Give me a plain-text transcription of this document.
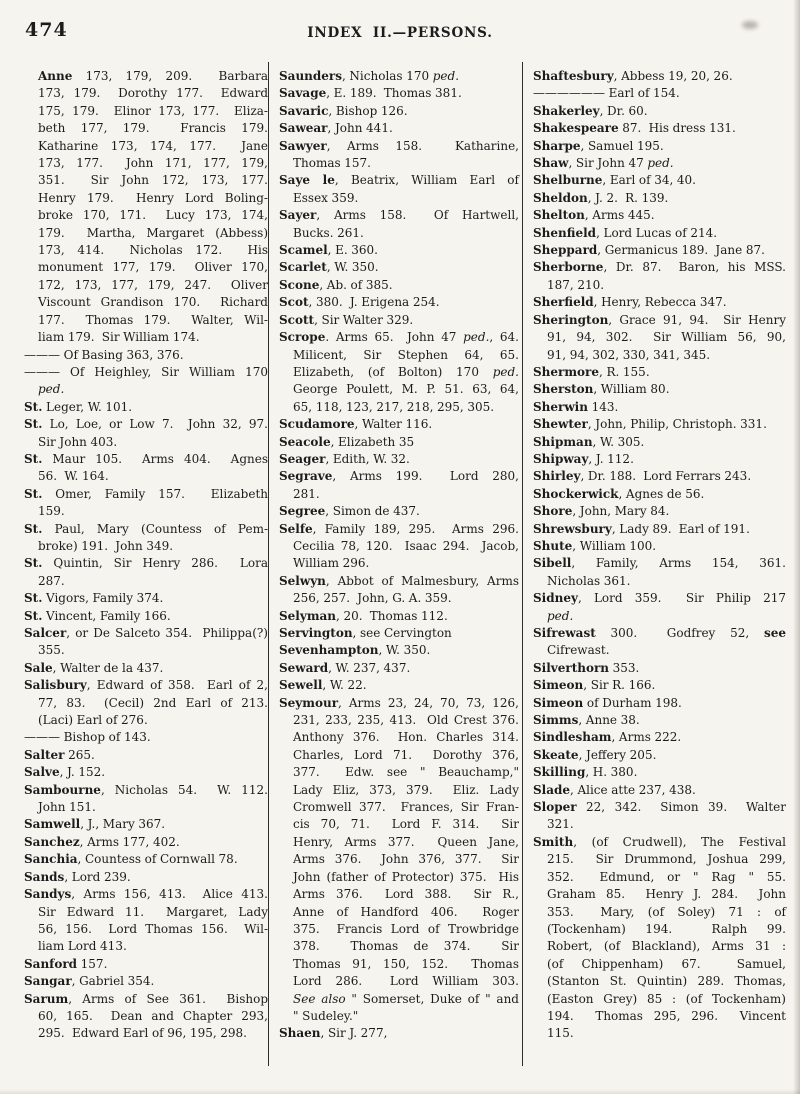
474	INDEX II.—PERSONS.
Anne 173, 179, 209.  Barbara
173, 179.  Dorothy 177.  Edward
175, 179.  Elinor 173, 177.  Eliza-
beth 177, 179.  Francis 179.
Katharine 173, 174, 177.  Jane
173, 177.  John 171, 177, 179,
351.  Sir John 172, 173, 177.
Henry 179.  Henry Lord Boling-
broke 170, 171.  Lucy 173, 174,
179.  Martha, Margaret (Abbess)
173, 414.  Nicholas 172.  His
monument 177, 179.  Oliver 170,
172, 173, 177, 179, 247.  Oliver
Viscount Grandison 170.  Richard
177.  Thomas 179.  Walter, Wil-
liam 179.  Sir William 174.
——— Of Basing 363, 376.
——— Of Heighley, Sir William 170
ped.
St. Leger, W. 101.
St. Lo, Loe, or Low 7.  John 32, 97.
Sir John 403.
St. Maur 105.  Arms 404.  Agnes
56.  W. 164.
St. Omer, Family 157.  Elizabeth
159.
St. Paul, Mary (Countess of Pem-
broke) 191.  John 349.
St. Quintin, Sir Henry 286.  Lora
287.
St. Vigors, Family 374.
St. Vincent, Family 166.
Salcer, or De Salceto 354.  Philippa(?)
355.
Sale, Walter de la 437.
Salisbury, Edward of 358.  Earl of 2,
77, 83.  (Cecil) 2nd Earl of 213.
(Laci) Earl of 276.
——— Bishop of 143.
Salter 265.
Salve, J. 152.
Sambourne, Nicholas 54.  W. 112.
John 151.
Samwell, J., Mary 367.
Sanchez, Arms 177, 402.
Sanchia, Countess of Cornwall 78.
Sands, Lord 239.
Sandys, Arms 156, 413.  Alice 413.
Sir Edward 11.  Margaret, Lady
56, 156.  Lord Thomas 156.  Wil-
liam Lord 413.
Sanford 157.
Sangar, Gabriel 354.
Sarum, Arms of See 361.  Bishop
60, 165.  Dean and Chapter 293,
295.  Edward Earl of 96, 195, 298.
Saunders, Nicholas 170 ped.
Savage, E. 189.  Thomas 381.
Savaric, Bishop 126.
Sawear, John 441.
Sawyer, Arms 158.  Katharine,
Thomas 157.
Saye le, Beatrix, William Earl of
Essex 359.
Sayer, Arms 158.  Of Hartwell,
Bucks. 261.
Scamel, E. 360.
Scarlet, W. 350.
Scone, Ab. of 385.
Scot, 380.  J. Erigena 254.
Scott, Sir Walter 329.
Scrope. Arms 65.  John 47 ped., 64.
Milicent, Sir Stephen 64, 65.
Elizabeth, (of Bolton) 170 ped.
George Poulett, M. P. 51. 63, 64,
65, 118, 123, 217, 218, 295, 305.
Scudamore, Walter 116.
Seacole, Elizabeth 35
Seager, Edith, W. 32.
Segrave, Arms 199.  Lord 280,
281.
Segree, Simon de 437.
Selfe, Family 189, 295.  Arms 296.
Cecilia 78, 120.  Isaac 294.  Jacob,
William 296.
Selwyn, Abbot of Malmesbury, Arms
256, 257.  John, G. A. 359.
Selyman, 20.  Thomas 112.
Servington, see Cervington
Sevenhampton, W. 350.
Seward, W. 237, 437.
Sewell, W. 22.
Seymour, Arms 23, 24, 70, 73, 126,
231, 233, 235, 413.  Old Crest 376.
Anthony 376.  Hon. Charles 314.
Charles, Lord 71.  Dorothy 376,
377.  Edw. see " Beauchamp,"
Lady Eliz, 373, 379.  Eliz. Lady
Cromwell 377.  Frances, Sir Fran-
cis 70, 71.  Lord F. 314.  Sir
Henry, Arms 377.  Queen Jane,
Arms 376.  John 376, 377.  Sir
John (father of Protector) 375.  His
Arms 376.  Lord 388.  Sir R.,
Anne of Handford 406.  Roger
375.  Francis Lord of Trowbridge
378.  Thomas de 374.  Sir
Thomas 91, 150, 152.  Thomas
Lord 286.  Lord William 303.
See also " Somerset, Duke of " and
" Sudeley."
Shaen, Sir J. 277,
Shaftesbury, Abbess 19, 20, 26.
—————— Earl of 154.
Shakerley, Dr. 60.
Shakespeare 87.  His dress 131.
Sharpe, Samuel 195.
Shaw, Sir John 47 ped.
Shelburne, Earl of 34, 40.
Sheldon, J. 2.  R. 139.
Shelton, Arms 445.
Shenfield, Lord Lucas of 214.
Sheppard, Germanicus 189.  Jane 87.
Sherborne, Dr. 87.  Baron, his MSS.
187, 210.
Sherfield, Henry, Rebecca 347.
Sherington, Grace 91, 94.  Sir Henry
91, 94, 302.  Sir William 56, 90,
91, 94, 302, 330, 341, 345.
Shermore, R. 155.
Sherston, William 80.
Sherwin 143.
Shewter, John, Philip, Christoph. 331.
Shipman, W. 305.
Shipway, J. 112.
Shirley, Dr. 188.  Lord Ferrars 243.
Shockerwick, Agnes de 56.
Shore, John, Mary 84.
Shrewsbury, Lady 89.  Earl of 191.
Shute, William 100.
Sibell, Family, Arms 154, 361.
Nicholas 361.
Sidney, Lord 359.  Sir Philip 217
ped.
Sifrewast 300.  Godfrey 52, see
Cifrewast.
Silverthorn 353.
Simeon, Sir R. 166.
Simeon of Durham 198.
Simms, Anne 38.
Sindlesham, Arms 222.
Skeate, Jeffery 205.
Skilling, H. 380.
Slade, Alice atte 237, 438.
Sloper 22, 342.  Simon 39.  Walter
321.
Smith, (of Crudwell), The Festival
215.  Sir Drummond, Joshua 299,
352.  Edmund, or " Rag " 55.
Graham 85.  Henry J. 284.  John
353.  Mary, (of Soley) 71 : of
(Tockenham) 194.  Ralph 99.
Robert, (of Blackland), Arms 31 :
(of Chippenham) 67.  Samuel,
(Stanton St. Quintin) 289. Thomas,
(Easton Grey) 85 : (of Tockenham)
194.  Thomas 295, 296.  Vincent
115.
